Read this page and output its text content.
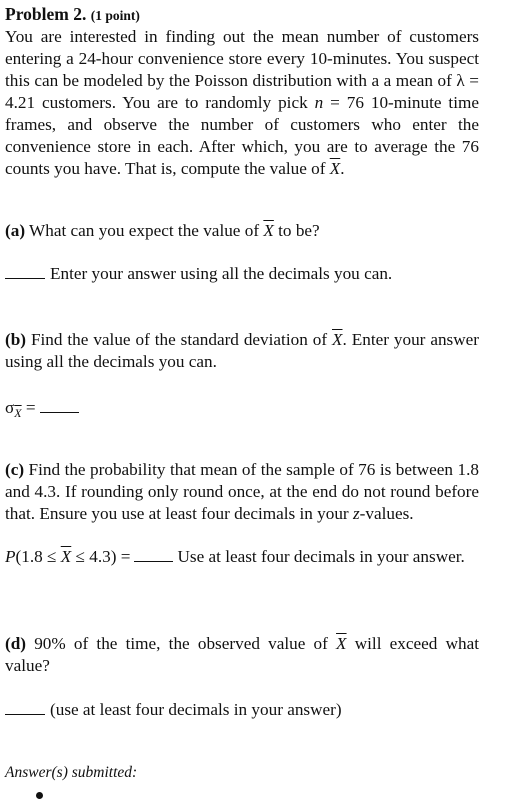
Problem 2. (1 point)
You are interested in finding out the mean number of customers entering a 24-hour convenience store every 10-minutes. You suspect this can be modeled by the Poisson distribution with a a mean of λ = 4.21 customers. You are to randomly pick n = 76 10-minute time frames, and observe the number of customers who enter the convenience store in each. After which, you are to average the 76 counts you have. That is, compute the value of $\overline{X}$.
(a) What can you expect the value of $\overline{X}$ to be?
Enter your answer using all the decimals you can.
(b) Find the value of the standard deviation of $\overline{X}$. Enter your answer using all the decimals you can.
$\sigma_{\overline{X}}$ =
(c) Find the probability that mean of the sample of 76 is between 1.8 and 4.3. If rounding only round once, at the end do not round before that. Ensure you use at least four decimals in your z-values.
$P(1.8 \le \overline{X} \le 4.3)$ =	Use at least four decimals in your answer.
(d) 90% of the time, the observed value of $\overline{X}$ will exceed what value?
(use at least four decimals in your answer)
Answer(s) submitted:
